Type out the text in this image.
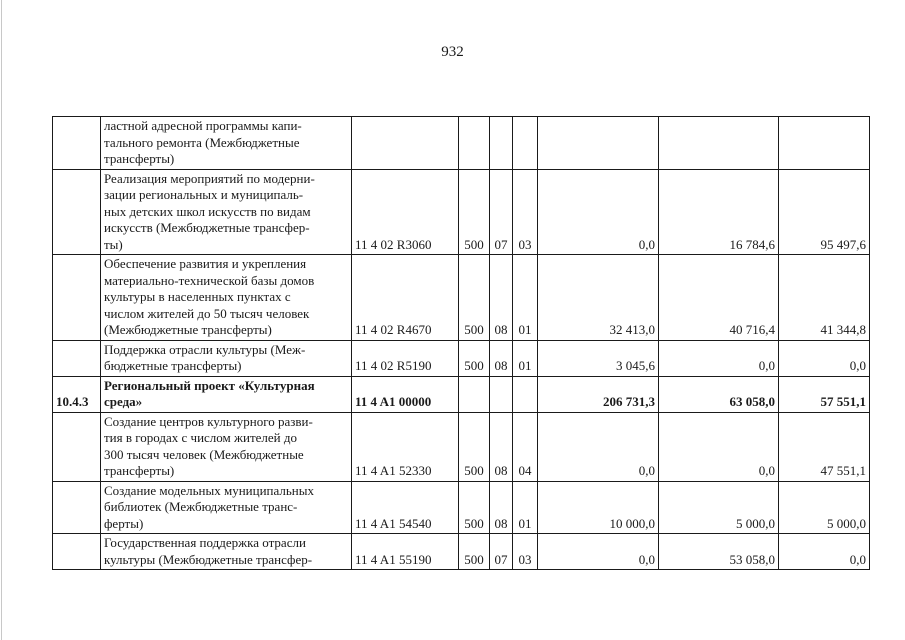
932

	ластной адресной программы капи-
тального ремонта (Межбюджетные
трансферты)							

	Реализация мероприятий по модерни-
зации региональных и муниципаль-
ных детских школ искусств по видам
искусств (Межбюджетные трансфер-
ты)	11 4 02 R3060	500	07	03	0,0	16 784,6	95 497,6

	Обеспечение развития и укрепления
материально-технической базы домов
культуры в населенных пунктах с
числом жителей до 50 тысяч человек
(Межбюджетные трансферты)	11 4 02 R4670	500	08	01	32 413,0	40 716,4	41 344,8

	Поддержка отрасли культуры (Меж-
бюджетные трансферты)	11 4 02 R5190	500	08	01	3 045,6	0,0	0,0
10.4.3	Региональный проект «Культурная
среда»	11 4 A1 00000				206 731,3	63 058,0	57 551,1

	Создание центров культурного разви-
тия в городах с числом жителей до
300 тысяч человек (Межбюджетные
трансферты)	11 4 A1 52330	500	08	04	0,0	0,0	47 551,1

	Создание модельных муниципальных
библиотек (Межбюджетные транс-
ферты)	11 4 A1 54540	500	08	01	10 000,0	5 000,0	5 000,0

	Государственная поддержка отрасли
культуры (Межбюджетные трансфер-	11 4 A1 55190	500	07	03	0,0	53 058,0	0,0
